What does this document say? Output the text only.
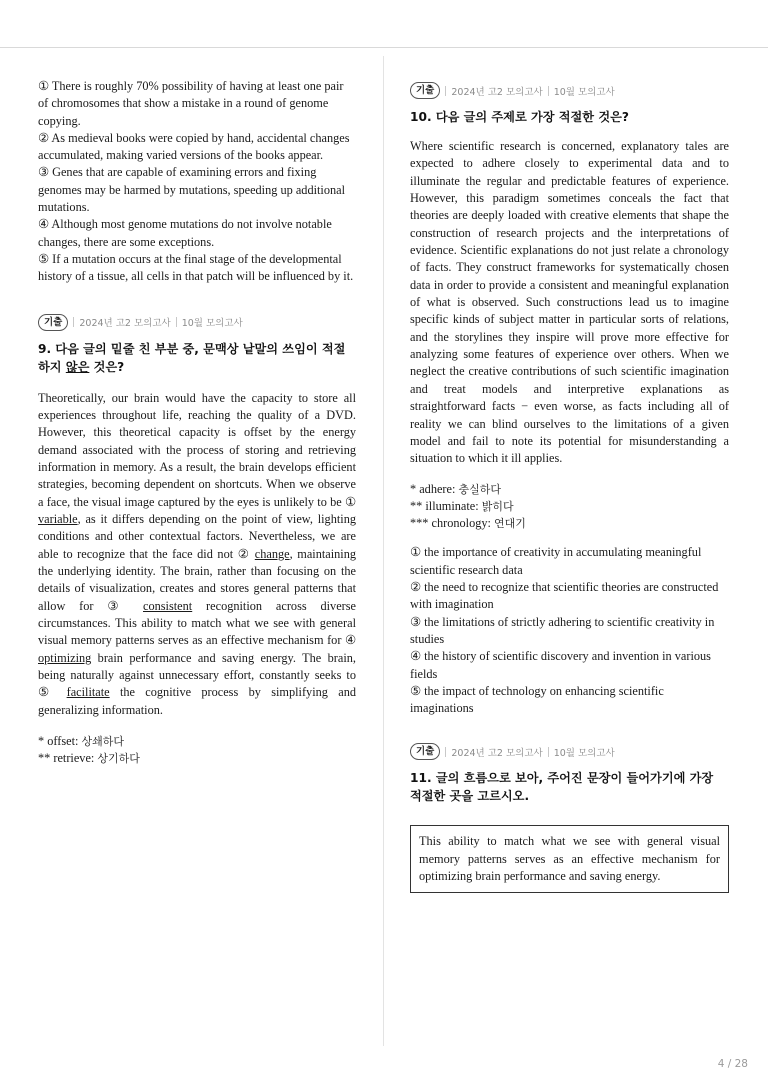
① There is roughly 70% possibility of having at least one pair of chromosomes that show a mistake in a round of genome copying.
② As medieval books were copied by hand, accidental changes accumulated, making varied versions of the books appear.
③ Genes that are capable of examining errors and fixing genomes may be harmed by mutations, speeding up additional mutations.
④ Although most genome mutations do not involve notable changes, there are some exceptions.
⑤ If a mutation occurs at the final stage of the developmental history of a tissue, all cells in that patch will be influenced by it.
기출	2024년 고2 모의고사 10월 모의고사
9. 다음 글의 밑줄 친 부분 중, 문맥상 낱말의 쓰임이 적절하지 않은 것은?
Theoretically, our brain would have the capacity to store all experiences throughout life, reaching the quality of a DVD. However, this theoretical capacity is offset by the energy demand associated with the process of storing and retrieving information in memory. As a result, the brain develops efficient strategies, becoming dependent on shortcuts. When we observe a face, the visual image captured by the eyes is unlikely to be ① variable, as it differs depending on the point of view, lighting conditions and other contextual factors. Nevertheless, we are able to recognize that the face did not ② change, maintaining the underlying identity. The brain, rather than focusing on the details of visualization, creates and stores general patterns that allow for ③ consistent recognition across diverse circumstances. This ability to match what we see with general visual memory patterns serves as an effective mechanism for ④ optimizing brain performance and saving energy. The brain, being naturally against unnecessary effort, constantly seeks to ⑤ facilitate the cognitive process by simplifying and generalizing information.
* offset: 상쇄하다
** retrieve: 상기하다
기출	2024년 고2 모의고사 10월 모의고사
10. 다음 글의 주제로 가장 적절한 것은?
Where scientific research is concerned, explanatory tales are expected to adhere closely to experimental data and to illuminate the regular and predictable features of experience. However, this paradigm sometimes conceals the fact that theories are deeply loaded with creative elements that shape the construction of research projects and the interpretations of evidence. Scientific explanations do not just relate a chronology of facts. They construct frameworks for systematically chosen data in order to provide a consistent and meaningful explanation of what is observed. Such constructions lead us to imagine specific kinds of subject matter in particular sorts of relations, and the storylines they inspire will prove more effective for analyzing some features of experience over others. When we neglect the creative contributions of such scientific imagination and treat models and interpretive explanations as straightforward facts − even worse, as facts including all of reality we can blind ourselves to the limitations of a given model and fail to note its potential for misunderstanding a situation to which it ill applies.
* adhere: 충실하다
** illuminate: 밝히다
*** chronology: 연대기
① the importance of creativity in accumulating meaningful scientific research data
② the need to recognize that scientific theories are constructed with imagination
③ the limitations of strictly adhering to scientific creativity in studies
④ the history of scientific discovery and invention in various fields
⑤ the impact of technology on enhancing scientific imaginations
기출	2024년 고2 모의고사 10월 모의고사
11. 글의 흐름으로 보아, 주어진 문장이 들어가기에 가장 적절한 곳을 고르시오.
This ability to match what we see with general visual memory patterns serves as an effective mechanism for optimizing brain performance and saving energy.
4 / 28
